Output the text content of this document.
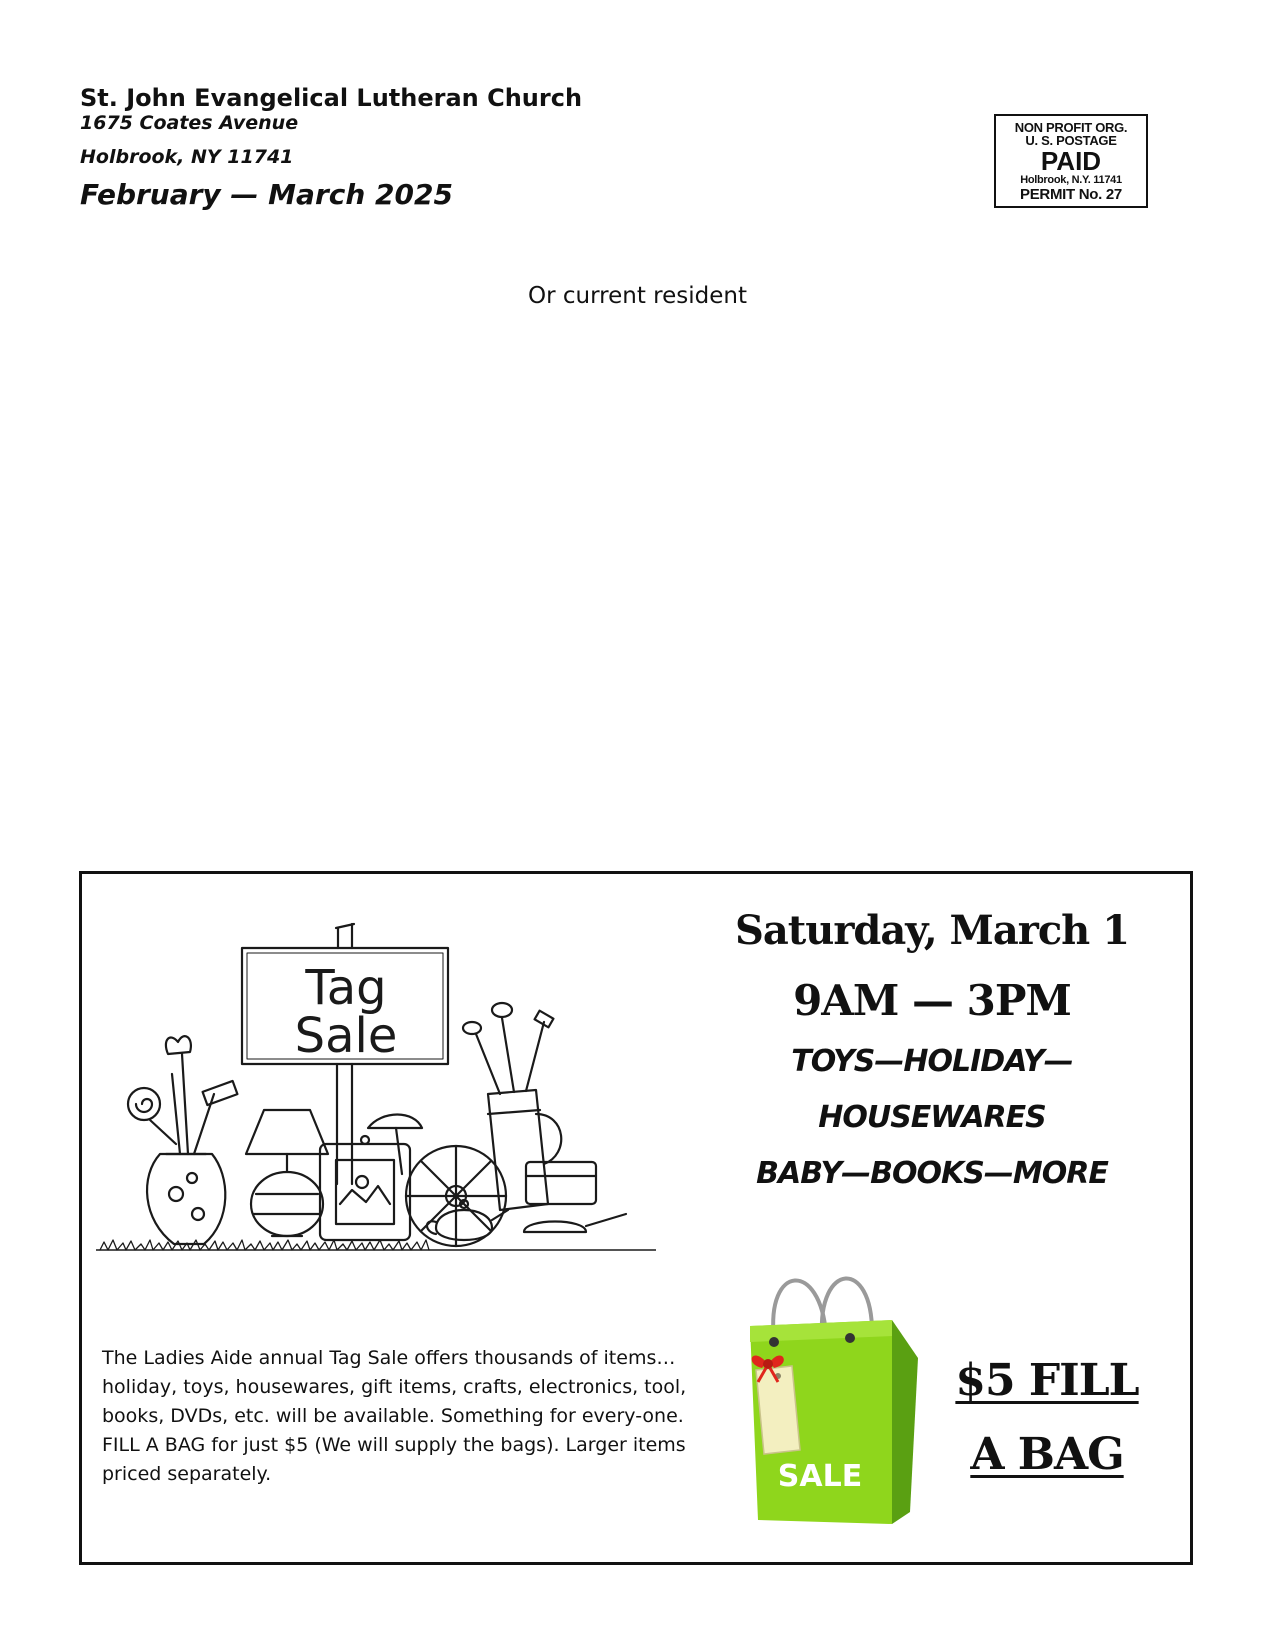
St. John Evangelical Lutheran Church
1675 Coates Avenue
Holbrook, NY 11741
February — March 2025
NON PROFIT ORG.
U. S. POSTAGE
PAID
Holbrook, N.Y. 11741
PERMIT No. 27
Or current resident
Tag
Sale
Saturday, March 1
9AM — 3PM
TOYS—HOLIDAY—
HOUSEWARES
BABY—BOOKS—MORE
The Ladies Aide annual Tag Sale offers thousands of items…holiday, toys, housewares, gift items, crafts, electronics, tool, books, DVDs, etc. will be available. Something for every-one. FILL A BAG for just $5 (We will supply the bags). Larger items priced separately.	SALE
$5 FILL
A BAG
